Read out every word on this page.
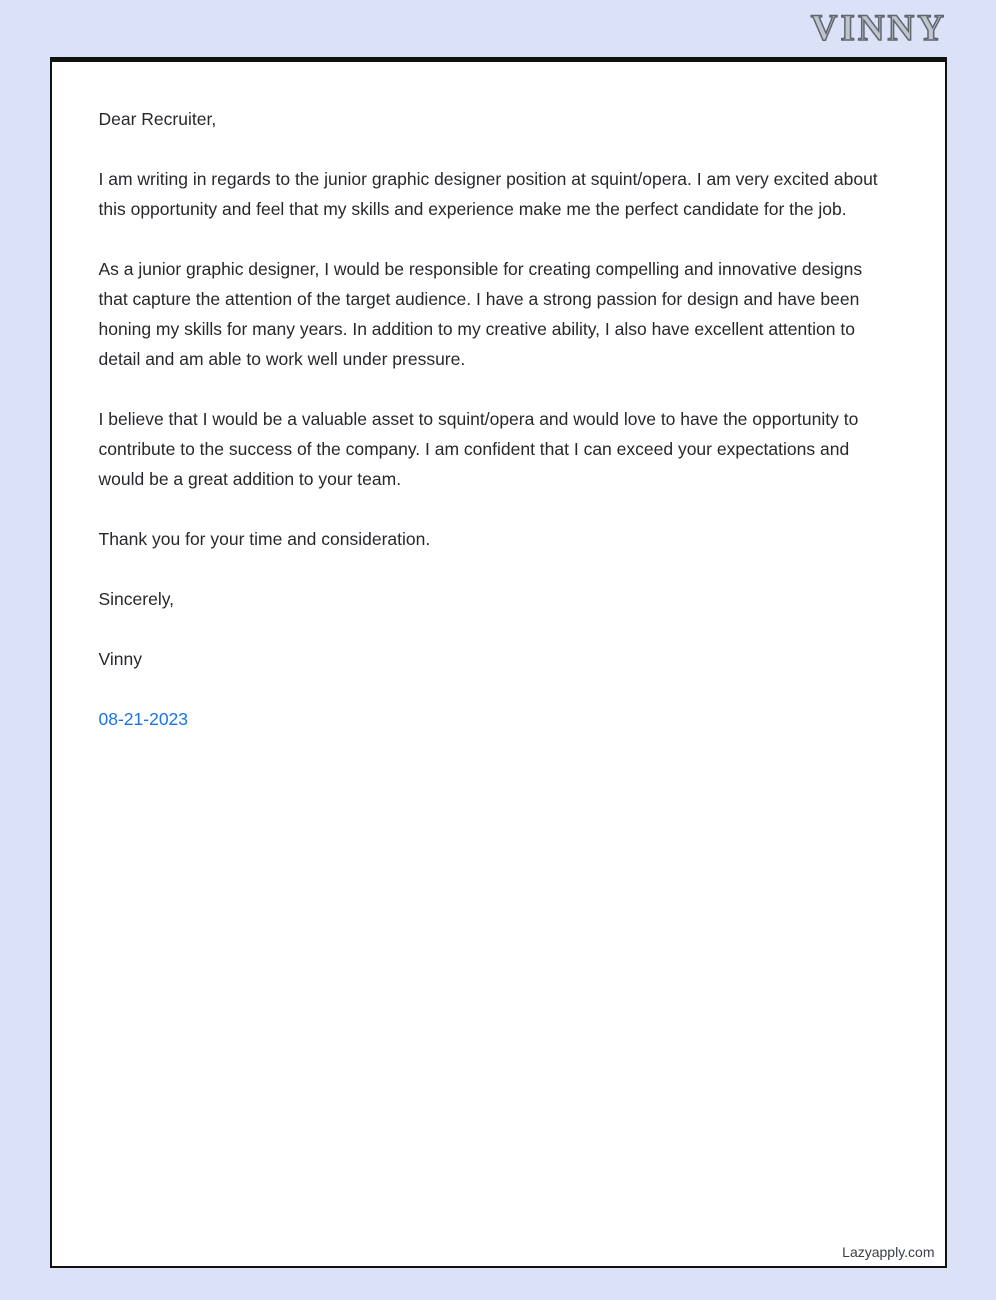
VINNY

Dear Recruiter,

I am writing in regards to the junior graphic designer position at squint/opera. I am very excited about this opportunity and feel that my skills and experience make me the perfect candidate for the job.

As a junior graphic designer, I would be responsible for creating compelling and innovative designs that capture the attention of the target audience. I have a strong passion for design and have been honing my skills for many years. In addition to my creative ability, I also have excellent attention to detail and am able to work well under pressure.

I believe that I would be a valuable asset to squint/opera and would love to have the opportunity to contribute to the success of the company. I am confident that I can exceed your expectations and would be a great addition to your team.

Thank you for your time and consideration.

Sincerely,

Vinny

08-21-2023

Lazyapply.com
